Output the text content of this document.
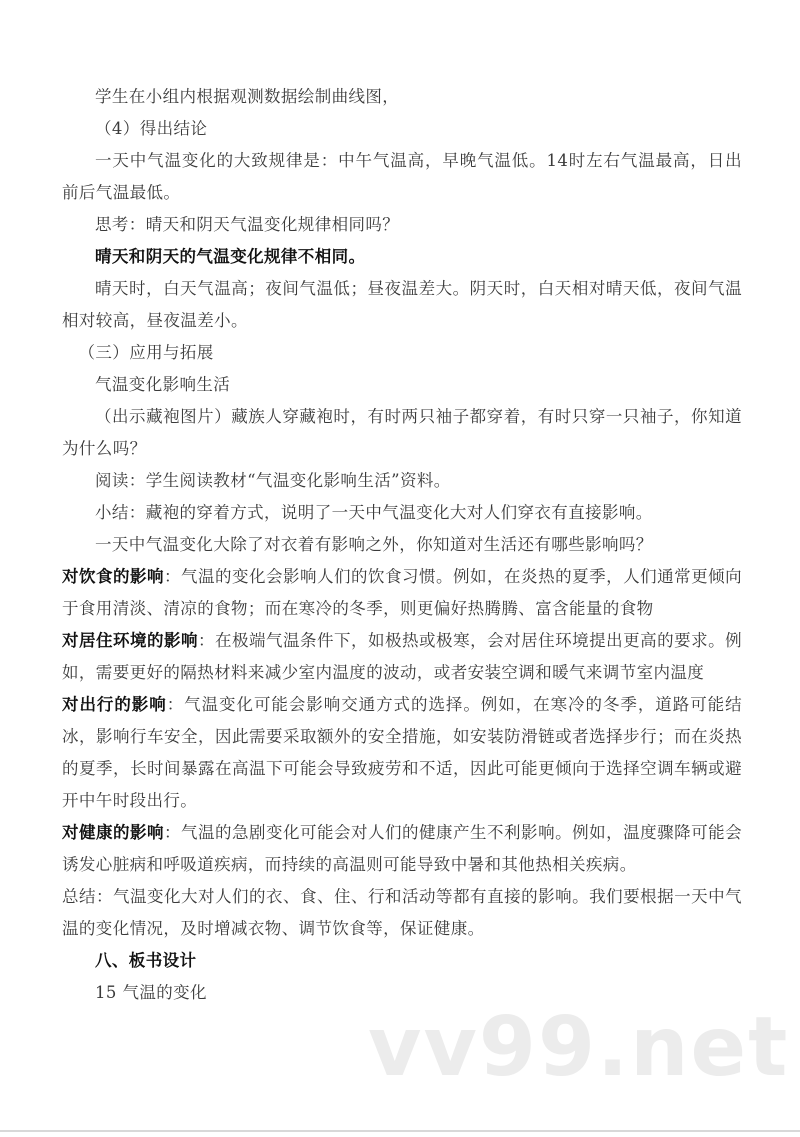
学生在小组内根据观测数据绘制曲线图，

（4）得出结论

一天中气温变化的大致规律是：中午气温高，早晚气温低。14时左右气温最高，日出前后气温最低。

思考：晴天和阴天气温变化规律相同吗？

晴天和阴天的气温变化规律不相同。

晴天时，白天气温高；夜间气温低；昼夜温差大。阴天时，白天相对晴天低，夜间气温相对较高，昼夜温差小。

（三）应用与拓展

气温变化影响生活

（出示藏袍图片）藏族人穿藏袍时，有时两只袖子都穿着，有时只穿一只袖子，你知道为什么吗？

阅读：学生阅读教材“气温变化影响生活”资料。

小结：藏袍的穿着方式，说明了一天中气温变化大对人们穿衣有直接影响。

一天中气温变化大除了对衣着有影响之外，你知道对生活还有哪些影响吗？

对饮食的影响：气温的变化会影响人们的饮食习惯。例如，在炎热的夏季，人们通常更倾向于食用清淡、清凉的食物；而在寒冷的冬季，则更偏好热腾腾、富含能量的食物

对居住环境的影响：在极端气温条件下，如极热或极寒，会对居住环境提出更高的要求。例如，需要更好的隔热材料来减少室内温度的波动，或者安装空调和暖气来调节室内温度

对出行的影响：气温变化可能会影响交通方式的选择。例如，在寒冷的冬季，道路可能结冰，影响行车安全，因此需要采取额外的安全措施，如安装防滑链或者选择步行；而在炎热的夏季，长时间暴露在高温下可能会导致疲劳和不适，因此可能更倾向于选择空调车辆或避开中午时段出行。

对健康的影响：气温的急剧变化可能会对人们的健康产生不利影响。例如，温度骤降可能会诱发心脏病和呼吸道疾病，而持续的高温则可能导致中暑和其他热相关疾病。

总结：气温变化大对人们的衣、食、住、行和活动等都有直接的影响。我们要根据一天中气温的变化情况，及时增减衣物、调节饮食等，保证健康。

八、板书设计

15 气温的变化

vv99.net
